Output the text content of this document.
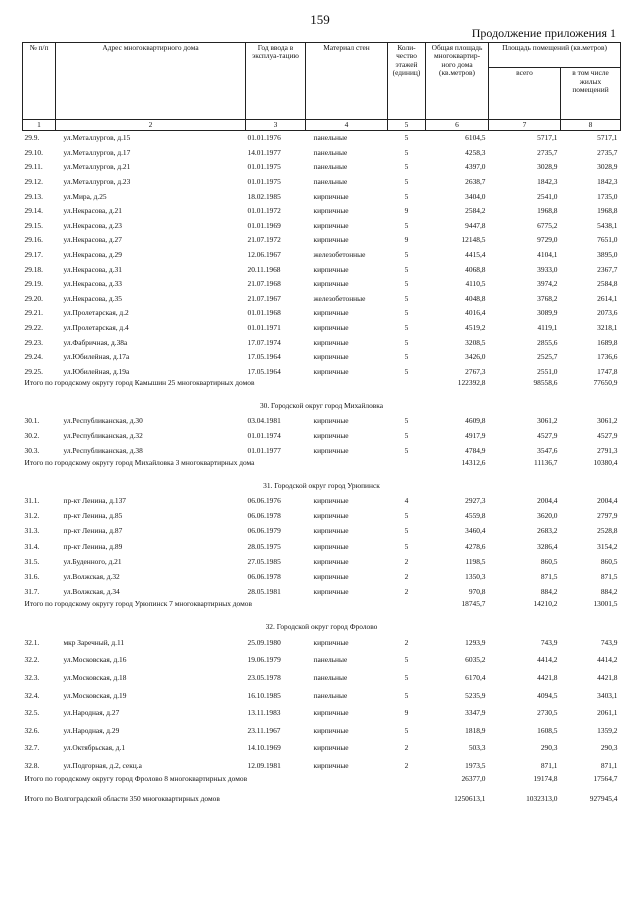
159
Продолжение приложения 1
№ п/п	Адрес многоквартирного дома	Год ввода в эксплуа-тацию	Материал стен	Коли-чество этажей (единиц)	Общая площадь многоквартир-ного дома (кв.метров)	Площадь помещений (кв.метров)	
						всего	в том числе жилых помещений
1	2	3	4	5	6	7	8
29.9.	ул.Металлургов, д.15	01.01.1976	панельные	5	6104,5	5717,1	5717,1
29.10.	ул.Металлургов, д.17	14.01.1977	панельные	5	4258,3	2735,7	2735,7
29.11.	ул.Металлургов, д.21	01.01.1975	панельные	5	4397,0	3028,9	3028,9
29.12.	ул.Металлургов, д.23	01.01.1975	панельные	5	2638,7	1842,3	1842,3
29.13.	ул.Мира, д.25	18.02.1985	кирпичные	5	3404,0	2541,0	1735,0
29.14.	ул.Некрасова, д.21	01.01.1972	кирпичные	9	2584,2	1968,8	1968,8
29.15.	ул.Некрасова, д.23	01.01.1969	кирпичные	5	9447,8	6775,2	5438,1
29.16.	ул.Некрасова, д.27	21.07.1972	кирпичные	9	12148,5	9729,0	7651,0
29.17.	ул.Некрасова, д.29	12.06.1967	железобетонные	5	4415,4	4104,1	3895,0
29.18.	ул.Некрасова, д.31	20.11.1968	кирпичные	5	4068,8	3933,0	2367,7
29.19.	ул.Некрасова, д.33	21.07.1968	кирпичные	5	4110,5	3974,2	2584,8
29.20.	ул.Некрасова, д.35	21.07.1967	железобетонные	5	4048,8	3768,2	2614,1
29.21.	ул.Пролетарская, д.2	01.01.1968	кирпичные	5	4016,4	3089,9	2073,6
29.22.	ул.Пролетарская, д.4	01.01.1971	кирпичные	5	4519,2	4119,1	3218,1
29.23.	ул.Фабричная, д.38а	17.07.1974	кирпичные	5	3208,5	2855,6	1689,8
29.24.	ул.Юбилейная, д.17а	17.05.1964	кирпичные	5	3426,0	2525,7	1736,6
29.25.	ул.Юбилейная, д.19а	17.05.1964	кирпичные	5	2767,3	2551,0	1747,8
Итого по городскому округу город Камышин 25 многоквартирных домов					122392,8	98558,6	77650,9
30. Городской округ город Михайловка							
30.1.	ул.Республиканская, д.30	03.04.1981	кирпичные	5	4609,8	3061,2	3061,2
30.2.	ул.Республиканская, д.32	01.01.1974	кирпичные	5	4917,9	4527,9	4527,9
30.3.	ул.Республиканская, д.38	01.01.1977	кирпичные	5	4784,9	3547,6	2791,3
Итого по городскому округу город Михайловка 3 многоквартирных дома					14312,6	11136,7	10380,4
31. Городской округ город Урюпинск							
31.1.	пр-кт Ленина, д.137	06.06.1976	кирпичные	4	2927,3	2004,4	2004,4
31.2.	пр-кт Ленина, д.85	06.06.1978	кирпичные	5	4559,8	3620,0	2797,9
31.3.	пр-кт Ленина, д.87	06.06.1979	кирпичные	5	3460,4	2683,2	2528,8
31.4.	пр-кт Ленина, д.89	28.05.1975	кирпичные	5	4278,6	3286,4	3154,2
31.5.	ул.Буденного, д.21	27.05.1985	кирпичные	2	1198,5	860,5	860,5
31.6.	ул.Волжская, д.32	06.06.1978	кирпичные	2	1350,3	871,5	871,5
31.7.	ул.Волжская, д.34	28.05.1981	кирпичные	2	970,8	884,2	884,2
Итого по городскому округу город Урюпинск 7 многоквартирных домов					18745,7	14210,2	13001,5
32. Городской округ город Фролово							
32.1.	мкр Заречный, д.11	25.09.1980	кирпичные	2	1293,9	743,9	743,9
32.2.	ул.Московская, д.16	19.06.1979	панельные	5	6035,2	4414,2	4414,2
32.3.	ул.Московская, д.18	23.05.1978	панельные	5	6170,4	4421,8	4421,8
32.4.	ул.Московская, д.19	16.10.1985	панельные	5	5235,9	4094,5	3403,1
32.5.	ул.Народная, д.27	13.11.1983	кирпичные	9	3347,9	2730,5	2061,1
32.6.	ул.Народная, д.29	23.11.1967	кирпичные	5	1818,9	1608,5	1359,2
32.7.	ул.Октябрьская, д.1	14.10.1969	кирпичные	2	503,3	290,3	290,3
32.8.	ул.Подгорная, д.2, секц.а	12.09.1981	кирпичные	2	1973,5	871,1	871,1
Итого по городскому округу город Фролово 8 многоквартирных домов					26377,0	19174,8	17564,7
Итого по Волгоградской области 350 многоквартирных домов					1250613,1	1032313,0	927945,4
